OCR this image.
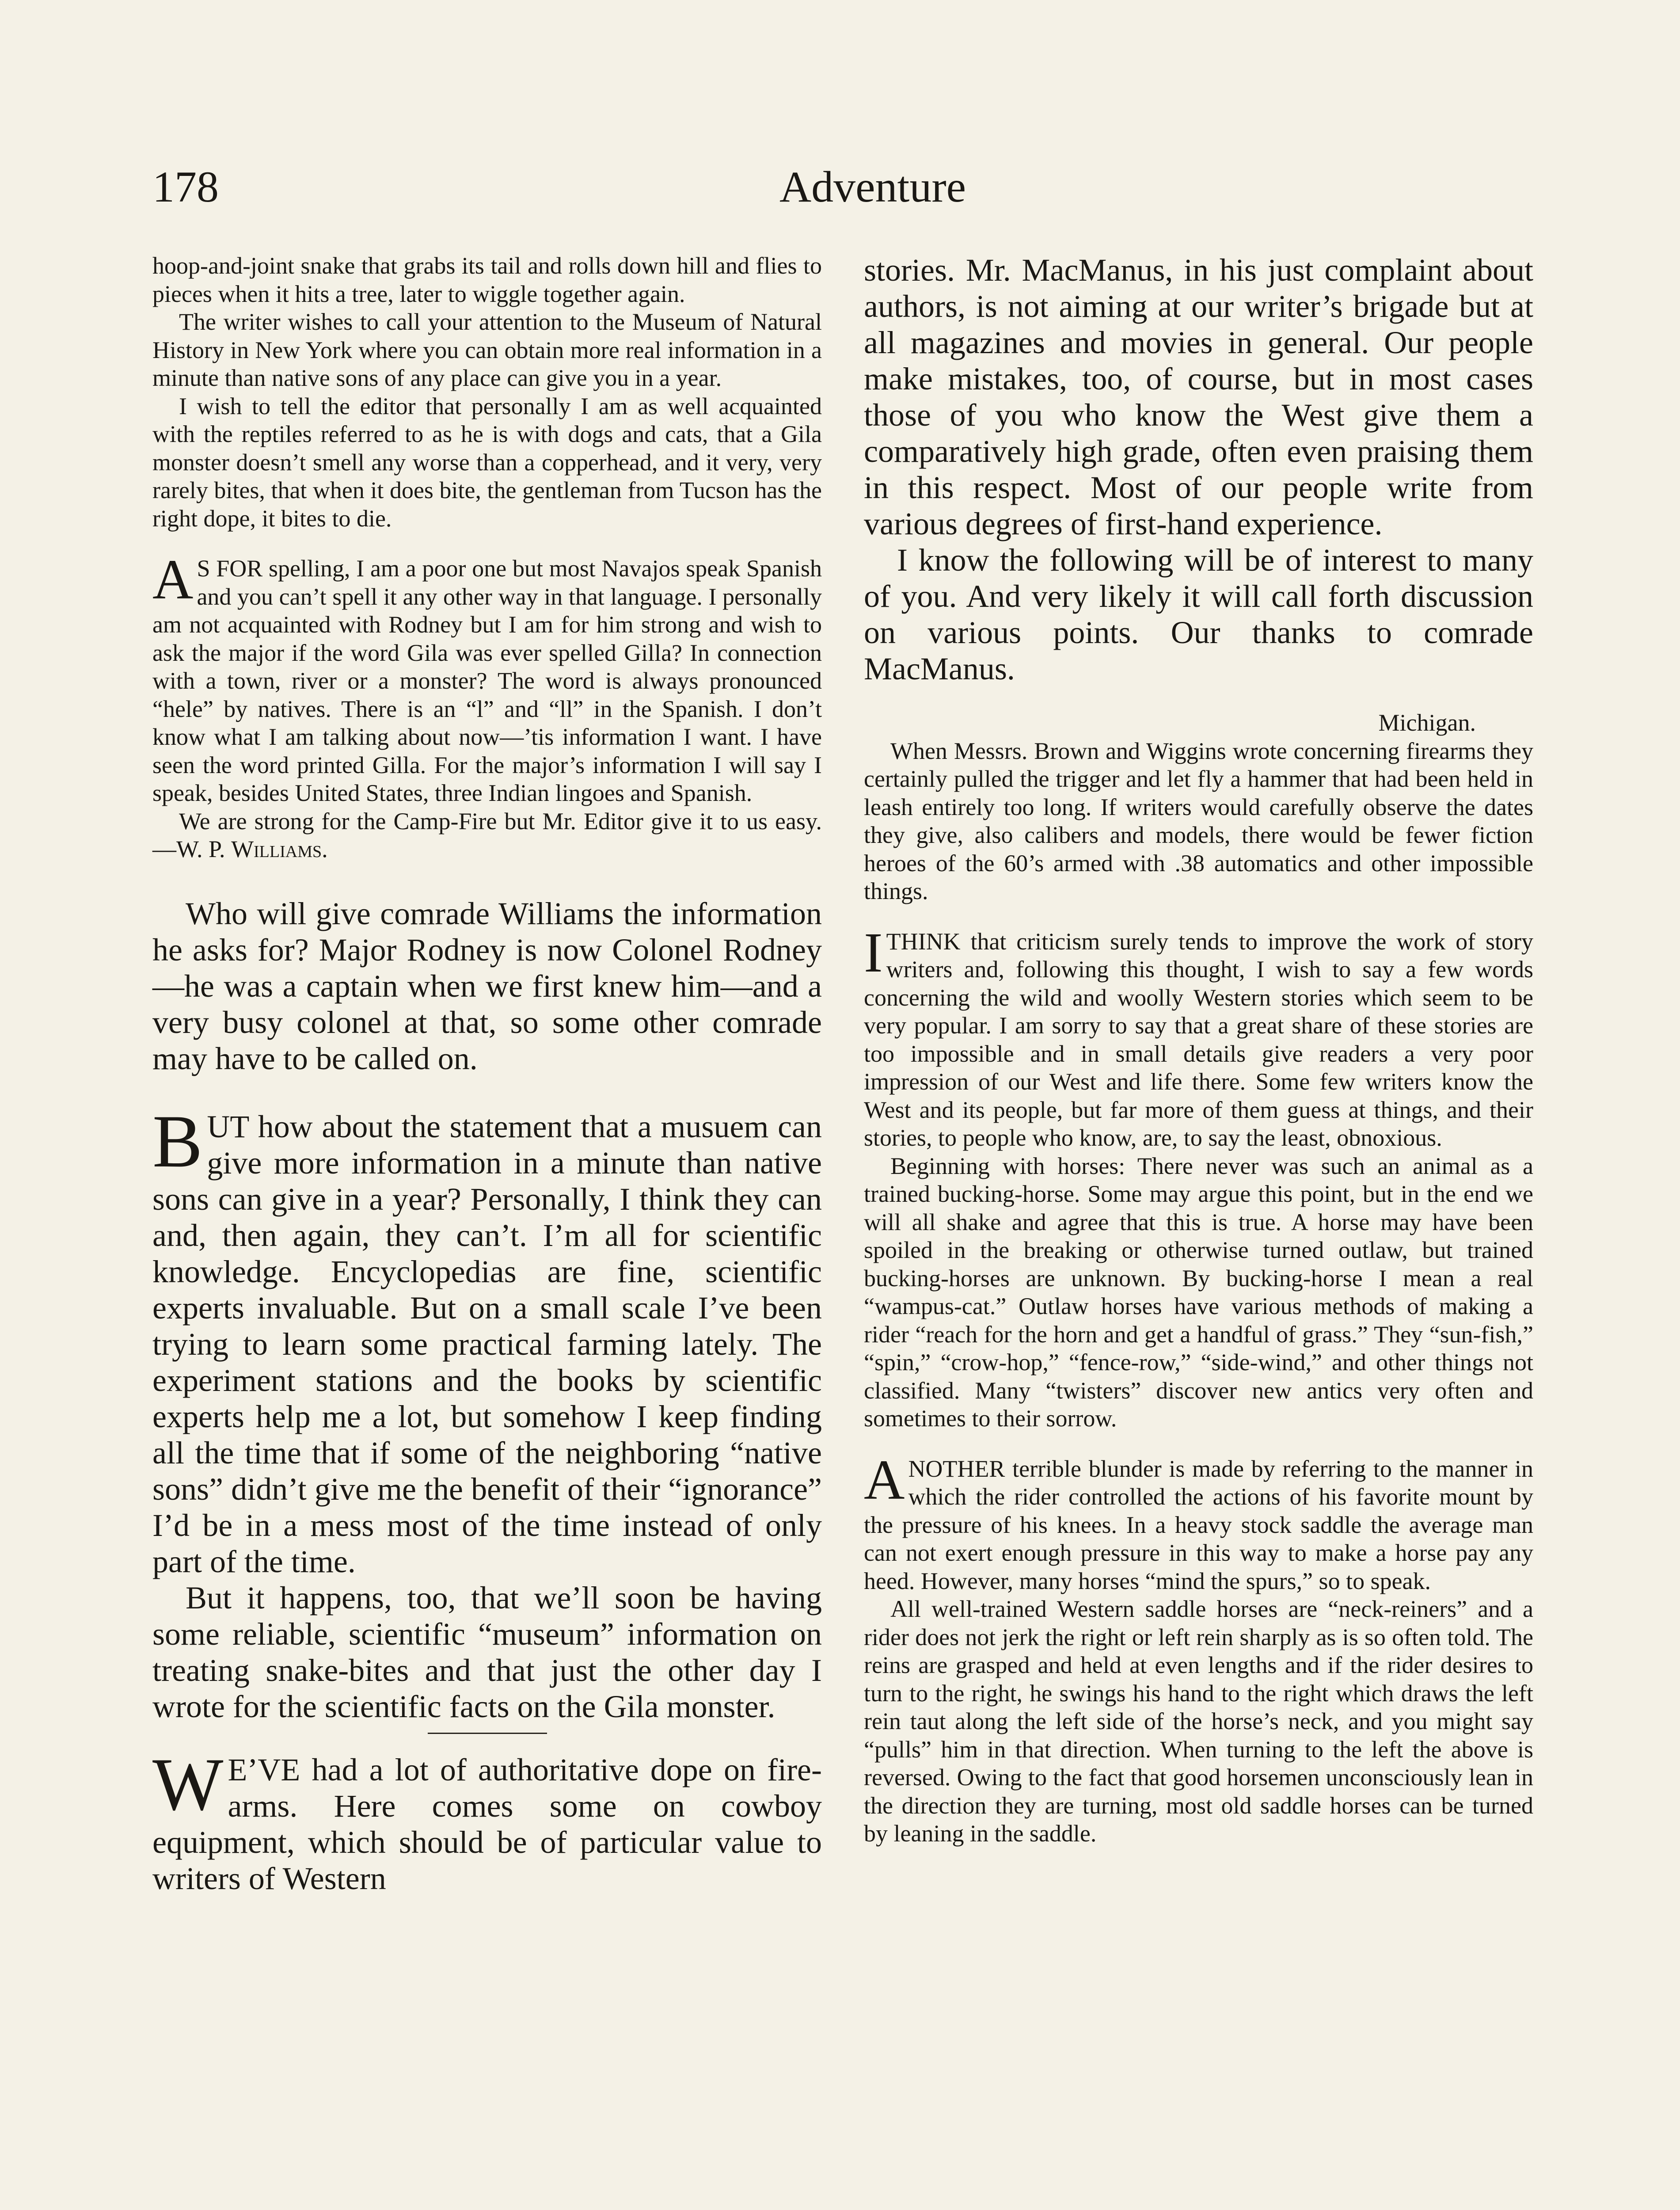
178	Adventure

hoop-and-joint snake that grabs its tail and rolls down hill and flies to pieces when it hits a tree, later to wiggle together again.

The writer wishes to call your attention to the Museum of Natural History in New York where you can obtain more real information in a minute than native sons of any place can give you in a year.

I wish to tell the editor that personally I am as well acquainted with the reptiles referred to as he is with dogs and cats, that a Gila monster doesn’t smell any worse than a copperhead, and it very, very rarely bites, that when it does bite, the gentleman from Tucson has the right dope, it bites to die.

AS FOR spelling, I am a poor one but most Navajos speak Spanish and you can’t spell it any other way in that language. I personally am not acquainted with Rodney but I am for him strong and wish to ask the major if the word Gila was ever spelled Gilla? In connection with a town, river or a monster? The word is always pronounced “hele” by natives. There is an “l” and “ll” in the Spanish. I don’t know what I am talking about now—’tis information I want. I have seen the word printed Gilla. For the major’s information I will say I speak, besides United States, three Indian lingoes and Spanish.

We are strong for the Camp-Fire but Mr. Editor give it to us easy.—W. P. Williams.

Who will give comrade Williams the information he asks for? Major Rodney is now Colonel Rodney—he was a captain when we first knew him—and a very busy colonel at that, so some other comrade may have to be called on.

BUT how about the statement that a musuem can give more information in a minute than native sons can give in a year? Personally, I think they can and, then again, they can’t. I’m all for scientific knowledge. Encyclopedias are fine, scientific experts invaluable. But on a small scale I’ve been trying to learn some practical farming lately. The experiment stations and the books by scientific experts help me a lot, but somehow I keep finding all the time that if some of the neighboring “native sons” didn’t give me the benefit of their “ignorance” I’d be in a mess most of the time instead of only part of the time.

But it happens, too, that we’ll soon be having some reliable, scientific “museum” information on treating snake-bites and that just the other day I wrote for the scientific facts on the Gila monster.

WE’VE had a lot of authoritative dope on fire-arms. Here comes some on cowboy equipment, which should be of particular value to writers of Western

stories. Mr. MacManus, in his just complaint about authors, is not aiming at our writer’s brigade but at all magazines and movies in general. Our people make mistakes, too, of course, but in most cases those of you who know the West give them a comparatively high grade, often even praising them in this respect. Most of our people write from various degrees of first-hand experience.

I know the following will be of interest to many of you. And very likely it will call forth discussion on various points. Our thanks to comrade MacManus.

Michigan.

When Messrs. Brown and Wiggins wrote concerning firearms they certainly pulled the trigger and let fly a hammer that had been held in leash entirely too long. If writers would carefully observe the dates they give, also calibers and models, there would be fewer fiction heroes of the 60’s armed with .38 automatics and other impossible things.

ITHINK that criticism surely tends to improve the work of story writers and, following this thought, I wish to say a few words concerning the wild and woolly Western stories which seem to be very popular. I am sorry to say that a great share of these stories are too impossible and in small details give readers a very poor impression of our West and life there. Some few writers know the West and its people, but far more of them guess at things, and their stories, to people who know, are, to say the least, obnoxious.

Beginning with horses: There never was such an animal as a trained bucking-horse. Some may argue this point, but in the end we will all shake and agree that this is true. A horse may have been spoiled in the breaking or otherwise turned outlaw, but trained bucking-horses are unknown. By bucking-horse I mean a real “wampus-cat.” Outlaw horses have various methods of making a rider “reach for the horn and get a handful of grass.” They “sun-fish,” “spin,” “crow-hop,” “fence-row,” “side-wind,” and other things not classified. Many “twisters” discover new antics very often and sometimes to their sorrow.

ANOTHER terrible blunder is made by referring to the manner in which the rider controlled the actions of his favorite mount by the pressure of his knees. In a heavy stock saddle the average man can not exert enough pressure in this way to make a horse pay any heed. However, many horses “mind the spurs,” so to speak.

All well-trained Western saddle horses are “neck-reiners” and a rider does not jerk the right or left rein sharply as is so often told. The reins are grasped and held at even lengths and if the rider desires to turn to the right, he swings his hand to the right which draws the left rein taut along the left side of the horse’s neck, and you might say “pulls” him in that direction. When turning to the left the above is reversed. Owing to the fact that good horsemen unconsciously lean in the direction they are turning, most old saddle horses can be turned by leaning in the saddle.
